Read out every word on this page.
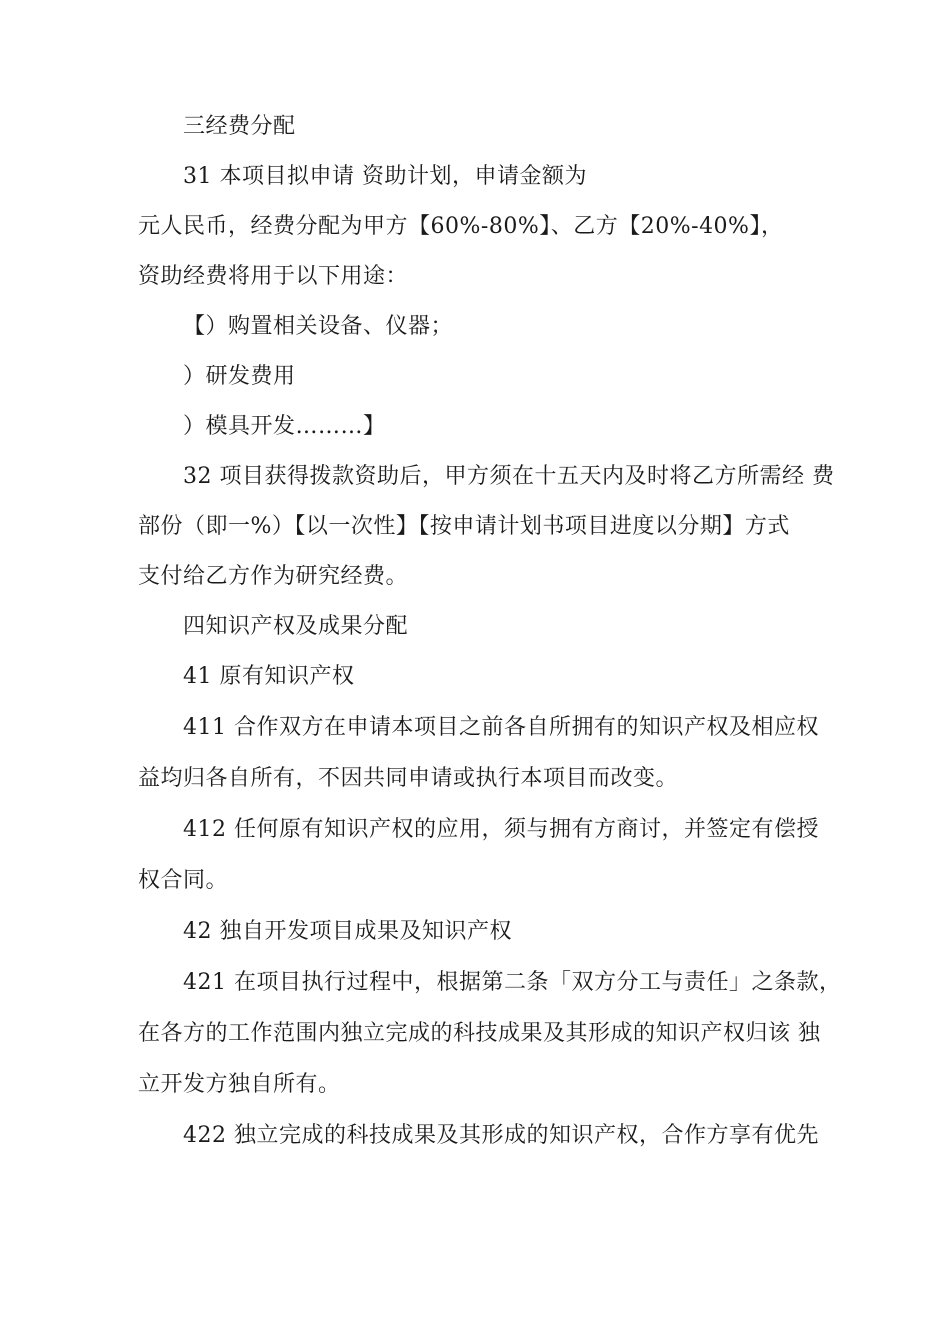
三经费分配
31 本项目拟申请 资助计划，申请金额为
元人民币，经费分配为甲方【60%-80%】、乙方【20%-40%】，
资助经费将用于以下用途：
【）购置相关设备、仪器；
）研发费用
）模具开发………】
32 项目获得拨款资助后，甲方须在十五天内及时将乙方所需经 费
部份（即一%）【以一次性】【按申请计划书项目进度以分期】方式
支付给乙方作为研究经费。
四知识产权及成果分配
41 原有知识产权
411 合作双方在申请本项目之前各自所拥有的知识产权及相应权
益均归各自所有，不因共同申请或执行本项目而改变。
412 任何原有知识产权的应用，须与拥有方商讨，并签定有偿授
权合同。
42 独自开发项目成果及知识产权
421 在项目执行过程中，根据第二条「双方分工与责任」之条款，
在各方的工作范围内独立完成的科技成果及其形成的知识产权归该 独
立开发方独自所有。
422 独立完成的科技成果及其形成的知识产权，合作方享有优先
